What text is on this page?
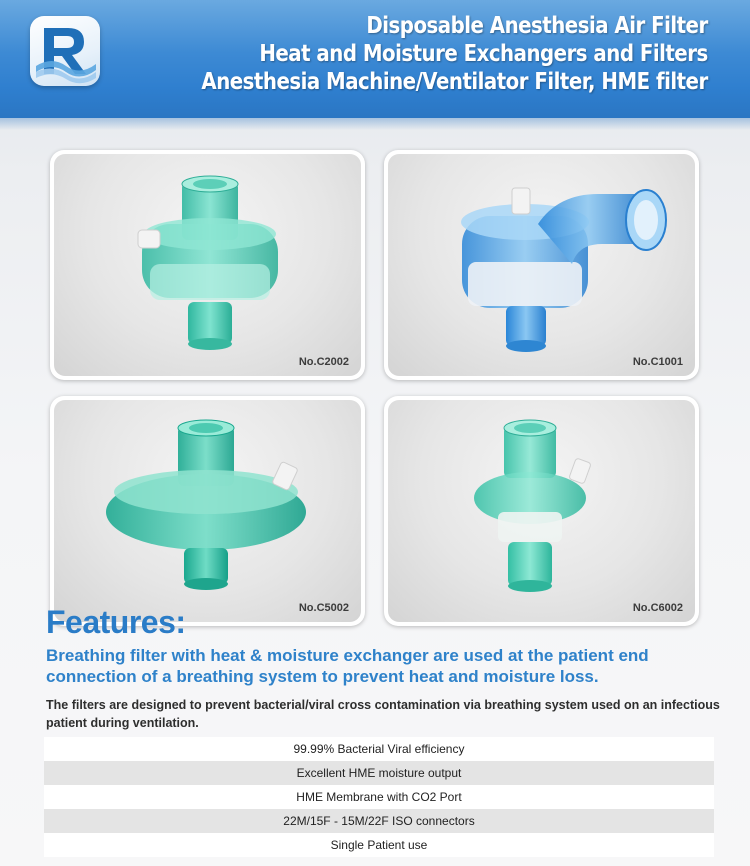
Disposable Anesthesia Air Filter
Heat and Moisture Exchangers and Filters
Anesthesia Machine/Ventilator Filter, HME filter
No.C2002	No.C1001
No.C5002	No.C6002
Features:
Breathing filter with heat & moisture exchanger are used at the patient end connection of a breathing system to prevent heat and moisture loss.
The filters are designed to prevent bacterial/viral cross contamination via breathing system used on an infectious patient during ventilation.
99.99% Bacterial Viral efficiency
Excellent HME moisture output
HME Membrane with CO2 Port
22M/15F - 15M/22F ISO connectors
Single Patient use
